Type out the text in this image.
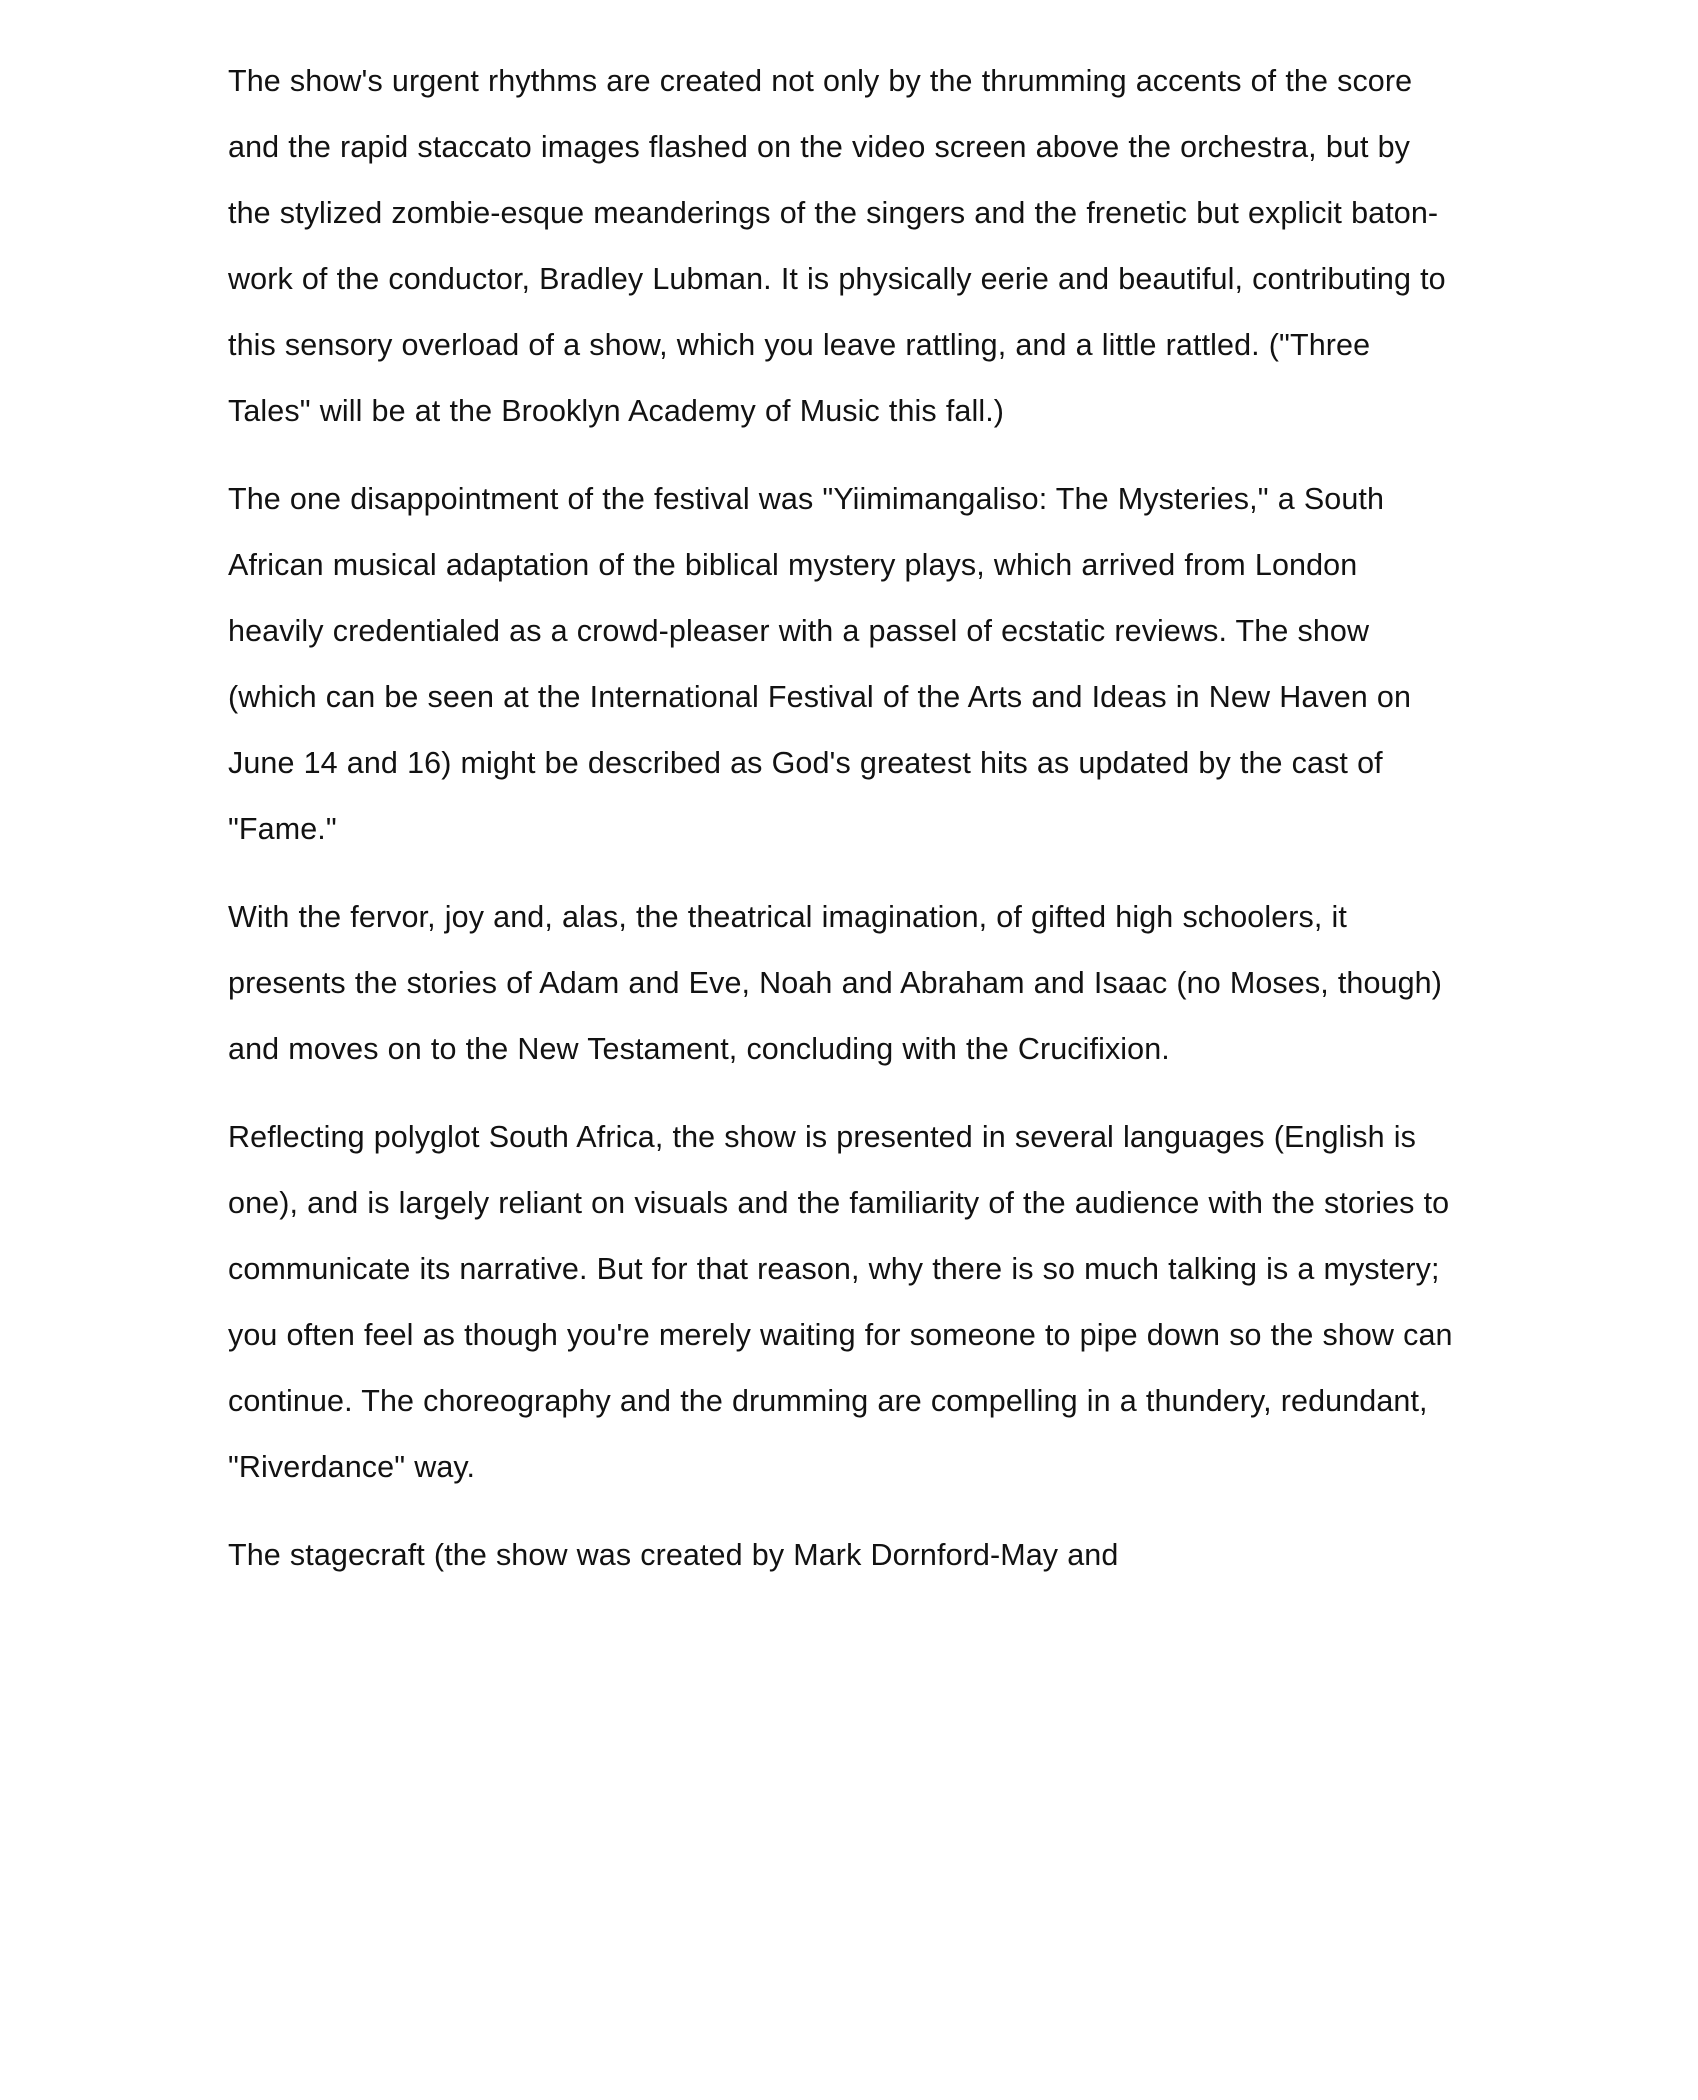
The show's urgent rhythms are created not only by the thrumming accents of the score and the rapid staccato images flashed on the video screen above the orchestra, but by the stylized zombie-esque meanderings of the singers and the frenetic but explicit baton-work of the conductor, Bradley Lubman. It is physically eerie and beautiful, contributing to this sensory overload of a show, which you leave rattling, and a little rattled. ("Three Tales" will be at the Brooklyn Academy of Music this fall.)

The one disappointment of the festival was "Yiimimangaliso: The Mysteries," a South African musical adaptation of the biblical mystery plays, which arrived from London heavily credentialed as a crowd-pleaser with a passel of ecstatic reviews. The show (which can be seen at the International Festival of the Arts and Ideas in New Haven on June 14 and 16) might be described as God's greatest hits as updated by the cast of "Fame."

With the fervor, joy and, alas, the theatrical imagination, of gifted high schoolers, it presents the stories of Adam and Eve, Noah and Abraham and Isaac (no Moses, though) and moves on to the New Testament, concluding with the Crucifixion.

Reflecting polyglot South Africa, the show is presented in several languages (English is one), and is largely reliant on visuals and the familiarity of the audience with the stories to communicate its narrative. But for that reason, why there is so much talking is a mystery; you often feel as though you're merely waiting for someone to pipe down so the show can continue. The choreography and the drumming are compelling in a thundery, redundant, "Riverdance" way.

The stagecraft (the show was created by Mark Dornford-May and
